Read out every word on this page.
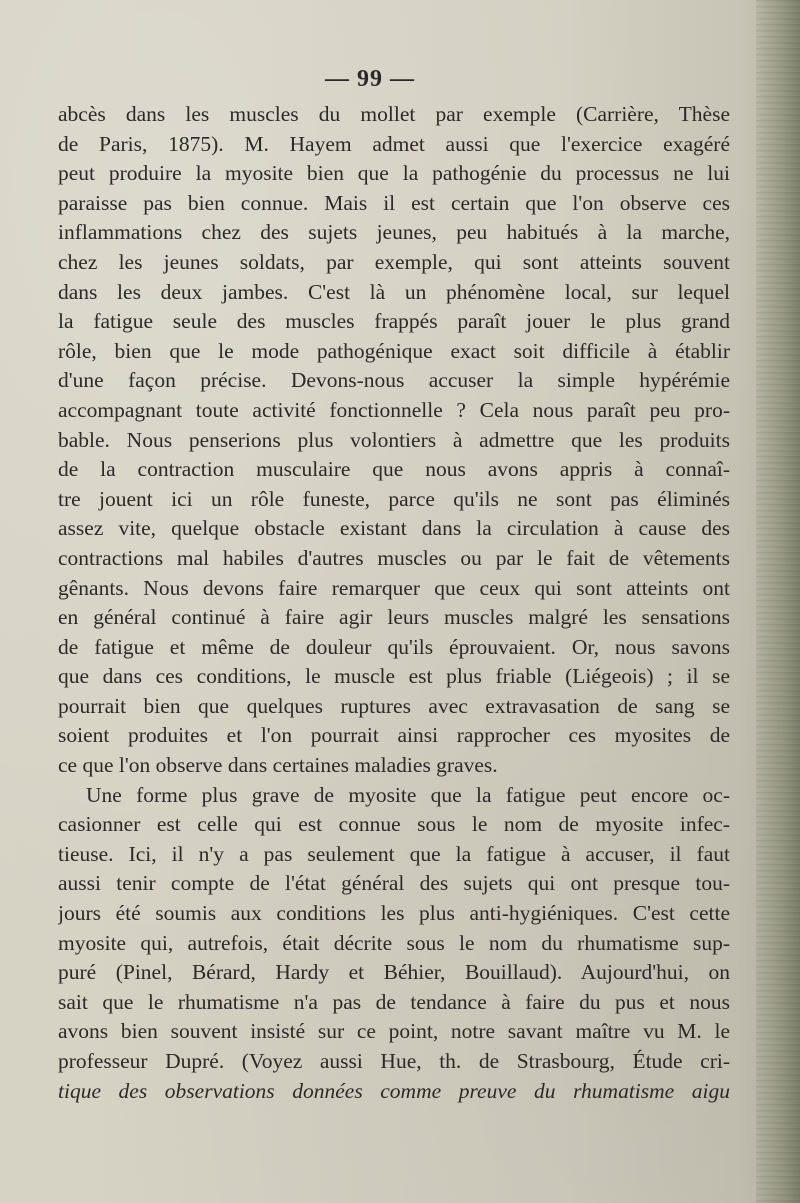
— 99 —
abcès dans les muscles du mollet par exemple (Carrière, Thèse
de Paris, 1875). M. Hayem admet aussi que l'exercice exagéré
peut produire la myosite bien que la pathogénie du processus ne lui
paraisse pas bien connue. Mais il est certain que l'on observe ces
inflammations chez des sujets jeunes, peu habitués à la marche,
chez les jeunes soldats, par exemple, qui sont atteints souvent
dans les deux jambes. C'est là un phénomène local, sur lequel
la fatigue seule des muscles frappés paraît jouer le plus grand
rôle, bien que le mode pathogénique exact soit difficile à établir
d'une façon précise. Devons-nous accuser la simple hypérémie
accompagnant toute activité fonctionnelle ? Cela nous paraît peu pro-
bable. Nous penserions plus volontiers à admettre que les produits
de la contraction musculaire que nous avons appris à connaî-
tre jouent ici un rôle funeste, parce qu'ils ne sont pas éliminés
assez vite, quelque obstacle existant dans la circulation à cause des
contractions mal habiles d'autres muscles ou par le fait de vêtements
gênants. Nous devons faire remarquer que ceux qui sont atteints ont
en général continué à faire agir leurs muscles malgré les sensations
de fatigue et même de douleur qu'ils éprouvaient. Or, nous savons
que dans ces conditions, le muscle est plus friable (Liégeois) ; il se
pourrait bien que quelques ruptures avec extravasation de sang se
soient produites et l'on pourrait ainsi rapprocher ces myosites de
ce que l'on observe dans certaines maladies graves.
Une forme plus grave de myosite que la fatigue peut encore oc-
casionner est celle qui est connue sous le nom de myosite infec-
tieuse. Ici, il n'y a pas seulement que la fatigue à accuser, il faut
aussi tenir compte de l'état général des sujets qui ont presque tou-
jours été soumis aux conditions les plus anti-hygiéniques. C'est cette
myosite qui, autrefois, était décrite sous le nom du rhumatisme sup-
puré (Pinel, Bérard, Hardy et Béhier, Bouillaud). Aujourd'hui, on
sait que le rhumatisme n'a pas de tendance à faire du pus et nous
avons bien souvent insisté sur ce point, notre savant maître vu M. le
professeur Dupré. (Voyez aussi Hue, th. de Strasbourg, Étude cri-
tique des observations données comme preuve du rhumatisme aigu
